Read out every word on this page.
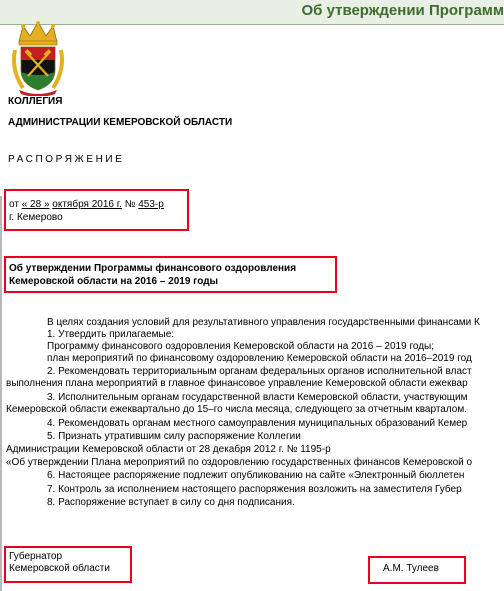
Об утверждении Программ
КОЛЛЕГИЯ
АДМИНИСТРАЦИИ КЕМЕРОВСКОЙ ОБЛАСТИ
РАСПОРЯЖЕНИЕ
от « 28 » октября 2016 г. № 453-р
г. Кемерово
Об утверждении Программы финансового оздоровления
Кемеровской области на 2016 – 2019 годы
В целях создания условий для результативного управления государственными финансами К
1. Утвердить прилагаемые:
Программу финансового оздоровления Кемеровской области на 2016 – 2019 годы;
план мероприятий по финансовому оздоровлению Кемеровской области на 2016–2019 год
2. Рекомендовать территориальным органам федеральных органов исполнительной власт
выполнения плана мероприятий в главное финансовое управление Кемеровской области ежеквар
3. Исполнительным органам государственной власти Кемеровской области, участвующим
Кемеровской области ежеквартально до 15–го числа месяца, следующего за отчетным кварталом.
4. Рекомендовать органам местного самоуправления муниципальных образований Кемер
5. Признать утратившим силу распоряжение Коллегии
Администрации Кемеровской области от 28 декабря 2012 г. № 1195-р
«Об утверждении Плана мероприятий по оздоровлению государственных финансов Кемеровской о
6. Настоящее распоряжение подлежит опубликованию на сайте «Электронный бюллетен
7. Контроль за исполнением настоящего распоряжения возложить на заместителя Губер
8. Распоряжение вступает в силу со дня подписания.
Губернатор
Кемеровской области	А.М. Тулеев
